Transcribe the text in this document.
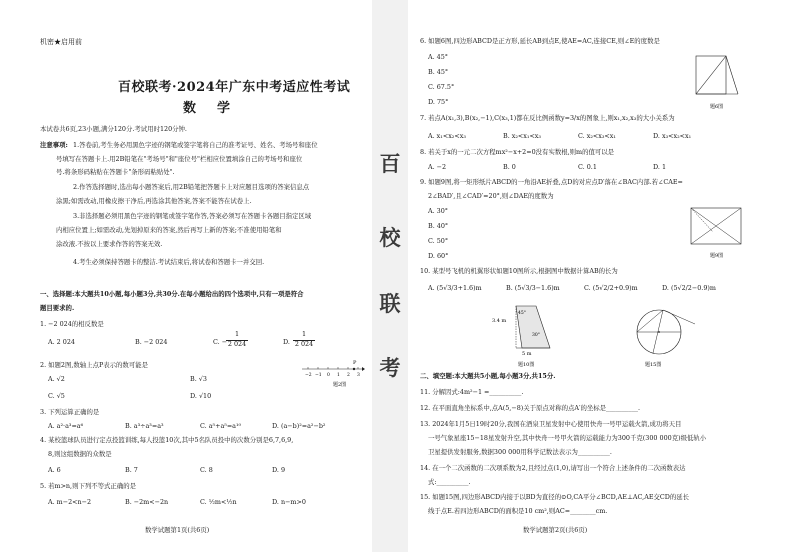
机密★启用前
百校联考·2024年广东中考适应性考试
数　学
本试卷共6页,23小题,满分120分.考试用时120分钟.
注意事项: 1.答卷前,考生务必用黑色字迹的钢笔或签字笔将自己的准考证号、姓名、考场号和座位
号填写在答题卡上.用2B铅笔在"考场号"和"座位号"栏相应位置填涂自己的考场号和座位
号.将条形码粘贴在答题卡"条形码粘贴处".
2.作答选择题时,选出每小题答案后,用2B铅笔把答题卡上对应题目选项的答案信息点
涂黑;如需改动,用橡皮擦干净后,再选涂其他答案,答案不能答在试卷上.
3.非选择题必须用黑色字迹的钢笔或签字笔作答,答案必须写在答题卡各题目指定区域
内相应位置上;如需改动,先划掉原来的答案,然后再写上新的答案;不准使用铅笔和
涂改液.不按以上要求作答的答案无效.
4.考生必须保持答题卡的整洁.考试结束后,将试卷和答题卡一并交回.
一、选择题:本大题共10小题,每小题3分,共30分.在每小题给出的四个选项中,只有一项是符合
题目要求的.
1. −2 024的相反数是
A. 2 024	B. −2 024	C. −
1
2 024	D.
1
2 024
2. 如题2图,数轴上点P表示的数可能是
A. √2	B. √3
C. √5	D. √10
P
−2 −1 0 1 2 3
题2图
3. 下列运算正确的是
A. a²·a³=a⁶	B. a³÷a³=a³	C. a⁵+a⁵=a¹⁰	D. (a−b)²=a²−b²
4. 某校篮球队员进行定点投篮训练,每人投篮10次,其中5名队员投中的次数分别是6,7,6,9,
8,则这组数据的众数是
A. 6	B. 7	C. 8	D. 9
5. 若m>n,则下列不等式正确的是
A. m−2<n−2	B. −2m<−2n	C. ½m<½n	D. n−m>0
数学试题第1页(共6页)
百
校
联
考
6. 如题6图,四边形ABCD是正方形,延长AB到点E,使AE=AC,连接CE,则∠E的度数是
A. 45°
B. 45°
C. 67.5°
D. 75°
题6图
7. 若点A(x₁,3),B(x₂,−1),C(x₃,1)都在反比例函数y=3/x的图象上,则x₁,x₂,x₃的大小关系为
A. x₁<x₂<x₃	B. x₂<x₁<x₃	C. x₂<x₃<x₁	D. x₃<x₂<x₁
8. 若关于x的一元二次方程mx²−x+2=0没有实数根,则m的值可以是
A. −2	B. 0	C. 0.1	D. 1
9. 如题9图,将一矩形纸片ABCD的一角沿AE折叠,点D的对应点D′落在∠BAC内部.若∠CAE=
2∠BAD′,且∠CAD′=20°,则∠DAE的度数为
A. 30°
B. 40°
C. 50°
D. 60°	题9图
10. 某型号飞机的机翼形状如题10图所示,根据图中数据计算AB的长为
A. (5√3/3+1.6)m	B. (5√3/3−1.6)m	C. (5√2/2+0.9)m	D. (5√2/2−0.9)m
3.4 m
5 m
45°
30°
题10图	题15图
二、填空题:本大题共5小题,每小题3分,共15分.
11. 分解因式:4m²−1 =__________.
12. 在平面直角坐标系中,点A(5,−8)关于原点对称的点A′的坐标是__________.
13. 2024年1月5日19时20分,我国在酒泉卫星发射中心使用快舟一号甲运载火箭,成功将天目
一号气象星座15−18星发射升空,其中快舟一号甲火箭的运载能力为300千克(300 000克)级低轨小
卫星提供发射服务,数据300 000用科学记数法表示为__________.
14. 在一个二次函数的二次项系数为2,且经过点(1,0),请写出一个符合上述条件的二次函数表达
式:__________.
15. 如题15图,四边形ABCD内接于以BD为直径的⊙O,CA平分∠BCD,AE⊥AC,AE交CD的延长
线于点E.若四边形ABCD的面积是10 cm²,则AC=________cm.
数学试题第2页(共6页)
